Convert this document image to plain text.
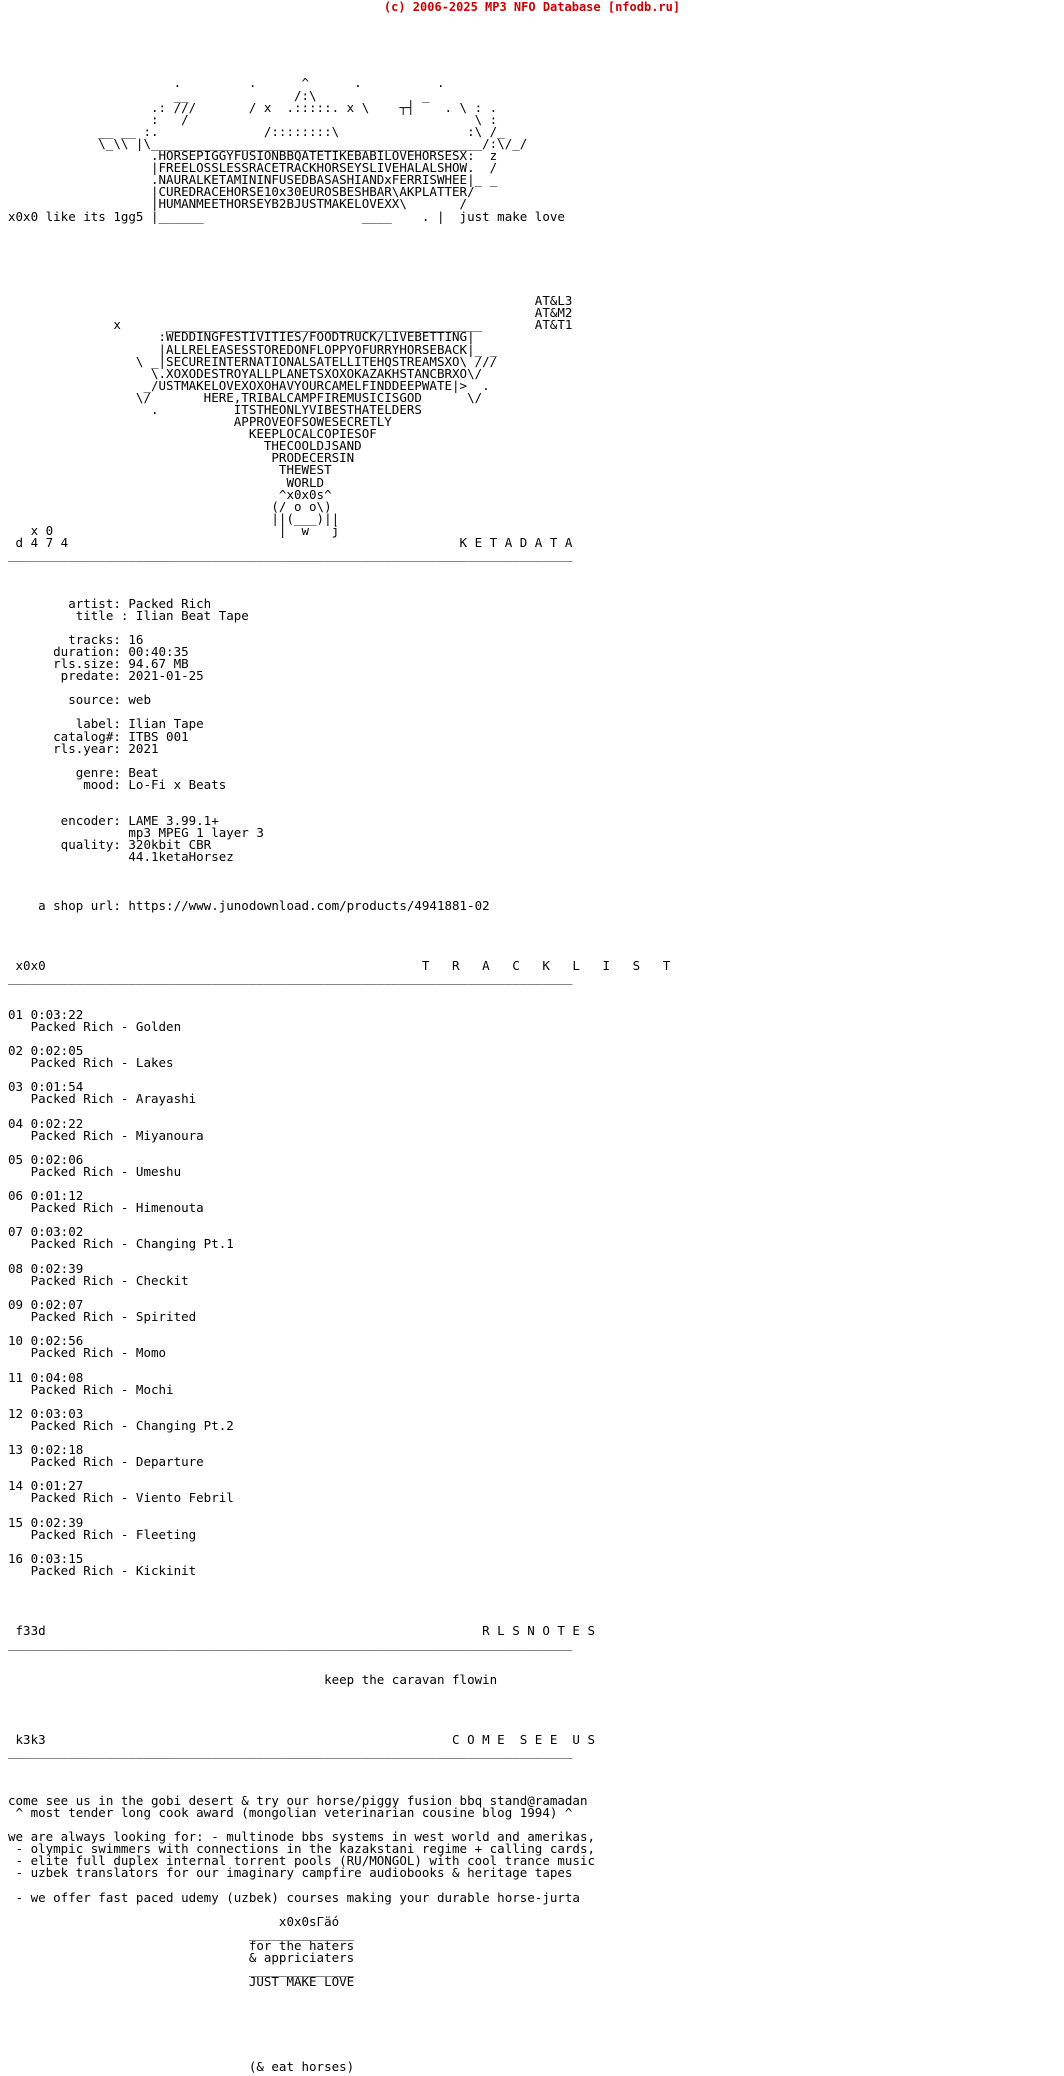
(c) 2006-2025 MP3 NFO Database [nfodb.ru]

.         .      ^      .          .
__              /:\              _
.: ///       / x  .:::::. x \    ┬┤    . \ : .
:   /                                      \ :
__ __ :.              /::::::::\                 :\ /_
\_\\ |\____________________________________________/:\/_/
.HORSEPIGGYFUSIONBBQATETIKEBABILOVEHORSESX:  z
|FREELOSSLESSRACETRACKHORSEYSLIVEHALALSHOW.  /
.NAURALKETAMININFUSEDBASASHIANDxFERRISWHEE|_ _
|CUREDRACEHORSE10x30EUROSBESHBAR\AKPLATTER/
|HUMANMEETHORSEYB2BJUSTMAKELOVEXX\       /
x0x0 like its 1gg5 |______                     ____    . |  just make love

AT&L3
AT&M2
x      __________________________________________       AT&T1
:WEDDINGFESTIVITIES/FOODTRUCK/LIVEBETTING|
|ALLRELEASESSTOREDONFLOPPYOFURRYHORSEBACK|_ _
\ _|SECUREINTERNATIONALSATELLITEHQSTREAMSXO\ ///
\.XOXODESTROYALLPLANETSXOXOKAZAKHSTANCBRXO\/
_/USTMAKELOVEXOXOHAVYOURCAMELFINDDEEPWATE|>  .
\/       HERE,TRIBALCAMPFIREMUSICISGOD      \/
.          ITSTHEONLYVIBESTHATELDERS
APPROVEOFSOWESECRETLY
KEEPLOCALCOPIESOF
THECOOLDJSAND
PRODECERSIN
THEWEST
WORLD
^x0x0s^
(/ o o\)
||(___)||
x 0                              |  w   j
d 4 7 4                                                    K E T A D A T A
___________________________________________________________________________

artist: Packed Rich
title : Ilian Beat Tape

tracks: 16
duration: 00:40:35
rls.size: 94.67 MB
predate: 2021-01-25

source: web

label: Ilian Tape
catalog#: ITBS 001
rls.year: 2021

genre: Beat
mood: Lo-Fi x Beats

encoder: LAME 3.99.1+
mp3 MPEG 1 layer 3
quality: 320kbit CBR
44.1ketaHorsez

a shop url: https://www.junodownload.com/products/4941881-02

x0x0                                                  T   R   A   C   K   L   I   S   T
___________________________________________________________________________

01 0:03:22
Packed Rich - Golden

02 0:02:05
Packed Rich - Lakes

03 0:01:54
Packed Rich - Arayashi

04 0:02:22
Packed Rich - Miyanoura

05 0:02:06
Packed Rich - Umeshu

06 0:01:12
Packed Rich - Himenouta

07 0:03:02
Packed Rich - Changing Pt.1

08 0:02:39
Packed Rich - Checkit

09 0:02:07
Packed Rich - Spirited

10 0:02:56
Packed Rich - Momo

11 0:04:08
Packed Rich - Mochi

12 0:03:03
Packed Rich - Changing Pt.2

13 0:02:18
Packed Rich - Departure

14 0:01:27
Packed Rich - Viento Febril

15 0:02:39
Packed Rich - Fleeting

16 0:03:15
Packed Rich - Kickinit

f33d                                                          R L S N O T E S
___________________________________________________________________________

keep the caravan flowin

k3k3                                                      C O M E  S E E  U S
___________________________________________________________________________

come see us in the gobi desert & try our horse/piggy fusion bbq stand@ramadan
^ most tender long cook award (mongolian veterinarian cousine blog 1994) ^

we are always looking for: - multinode bbs systems in west world and amerikas,
- olympic swimmers with connections in the kazakstani regime + calling cards,
- elite full duplex internal torrent pools (RU/MONGOL) with cool trance music
- uzbek translators for our imaginary campfire audiobooks & heritage tapes

- we offer fast paced udemy (uzbek) courses making your durable horse-jurta

x0x0sΓäó
______________
for the haters
& appriciaters
______________
JUST MAKE LOVE

(& eat horses)
